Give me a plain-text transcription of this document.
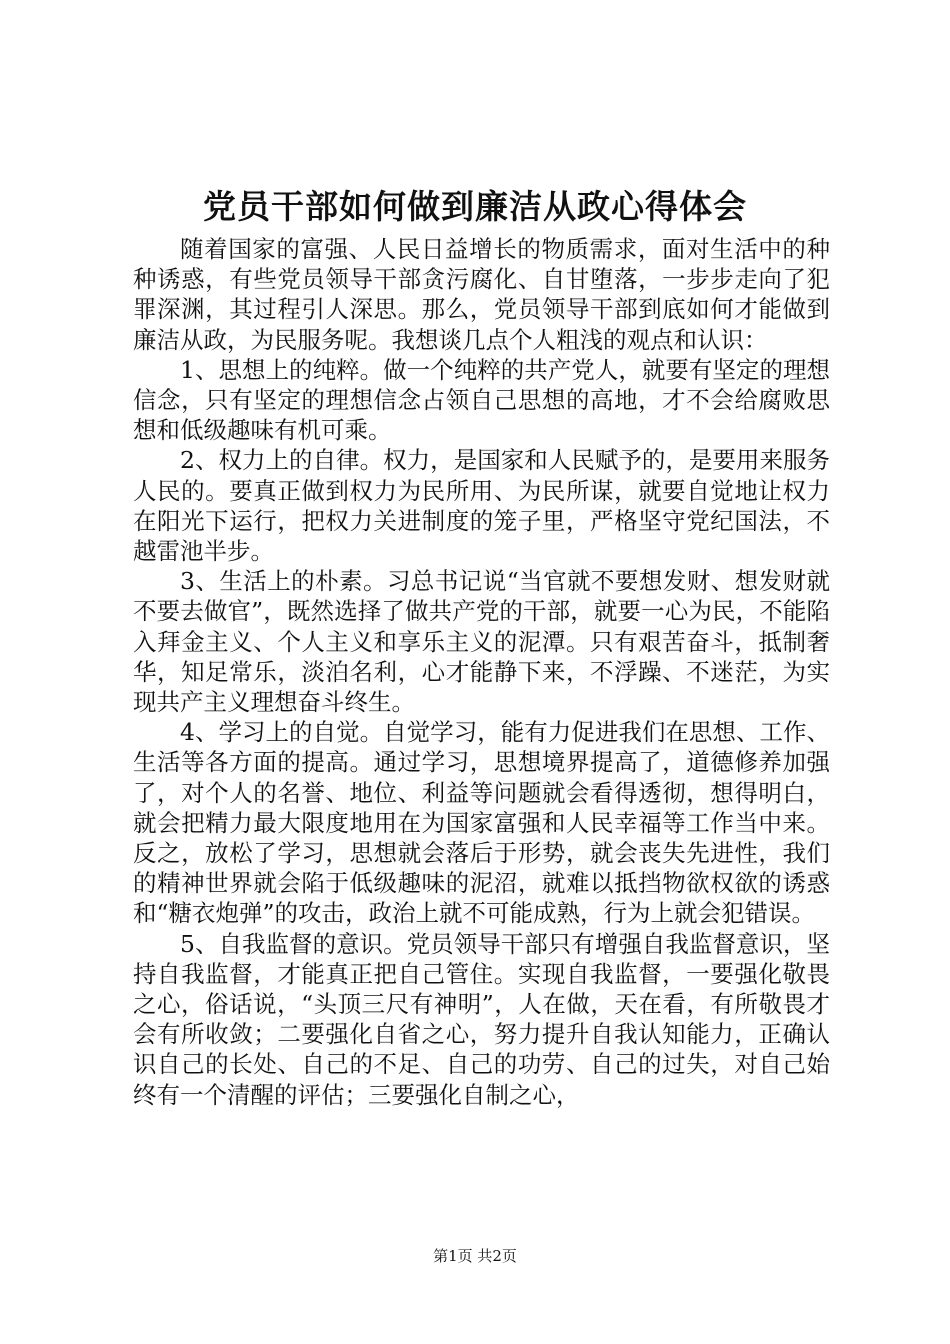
党员干部如何做到廉洁从政心得体会

随着国家的富强、人民日益增长的物质需求，面对生活中的种种诱惑，有些党员领导干部贪污腐化、自甘堕落，一步步走向了犯罪深渊，其过程引人深思。那么，党员领导干部到底如何才能做到廉洁从政，为民服务呢。我想谈几点个人粗浅的观点和认识：

1、思想上的纯粹。做一个纯粹的共产党人，就要有坚定的理想信念，只有坚定的理想信念占领自己思想的高地，才不会给腐败思想和低级趣味有机可乘。

2、权力上的自律。权力，是国家和人民赋予的，是要用来服务人民的。要真正做到权力为民所用、为民所谋，就要自觉地让权力在阳光下运行，把权力关进制度的笼子里，严格坚守党纪国法，不越雷池半步。

3、生活上的朴素。习总书记说“当官就不要想发财、想发财就不要去做官”，既然选择了做共产党的干部，就要一心为民，不能陷入拜金主义、个人主义和享乐主义的泥潭。只有艰苦奋斗，抵制奢华，知足常乐，淡泊名利，心才能静下来，不浮躁、不迷茫，为实现共产主义理想奋斗终生。

4、学习上的自觉。自觉学习，能有力促进我们在思想、工作、生活等各方面的提高。通过学习，思想境界提高了，道德修养加强了，对个人的名誉、地位、利益等问题就会看得透彻，想得明白，就会把精力最大限度地用在为国家富强和人民幸福等工作当中来。反之，放松了学习，思想就会落后于形势，就会丧失先进性，我们的精神世界就会陷于低级趣味的泥沼，就难以抵挡物欲权欲的诱惑和“糖衣炮弹”的攻击，政治上就不可能成熟，行为上就会犯错误。

5、自我监督的意识。党员领导干部只有增强自我监督意识，坚持自我监督，才能真正把自己管住。实现自我监督，一要强化敬畏之心，俗话说，“头顶三尺有神明”，人在做，天在看，有所敬畏才会有所收敛；二要强化自省之心，努力提升自我认知能力，正确认识自己的长处、自己的不足、自己的功劳、自己的过失，对自己始终有一个清醒的评估；三要强化自制之心，

第1页 共2页
